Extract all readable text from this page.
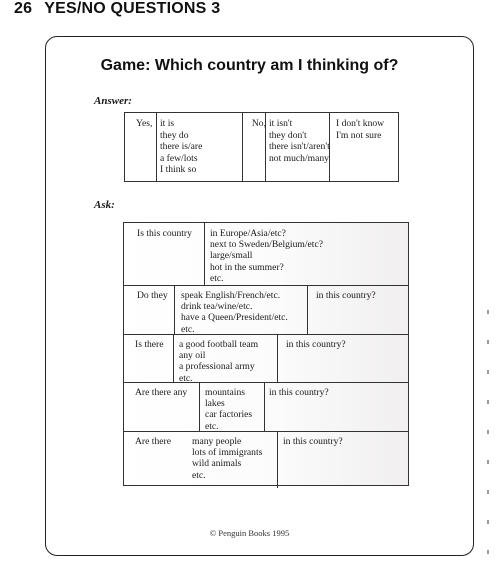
26 YES/NO QUESTIONS 3
Game: Which country am I thinking of?
Answer:
Yes, it is
they do
there is/are
a few/lots
I think so
No, it isn't
they don't
there isn't/aren't
not much/many
I don't know
I'm not sure
Ask:
Is this country in Europe/Asia/etc?
next to Sweden/Belgium/etc?
large/small
hot in the summer?
etc.
Do they speak English/French/etc.
drink tea/wine/etc.
have a Queen/President/etc.
etc.
in this country?
Is there a good football team
any oil
a professional army
etc.
in this country?
Are there any mountains
lakes
car factories
etc.
in this country?
Are there many people
lots of immigrants
wild animals
etc.
in this country?
© Penguin Books 1995
